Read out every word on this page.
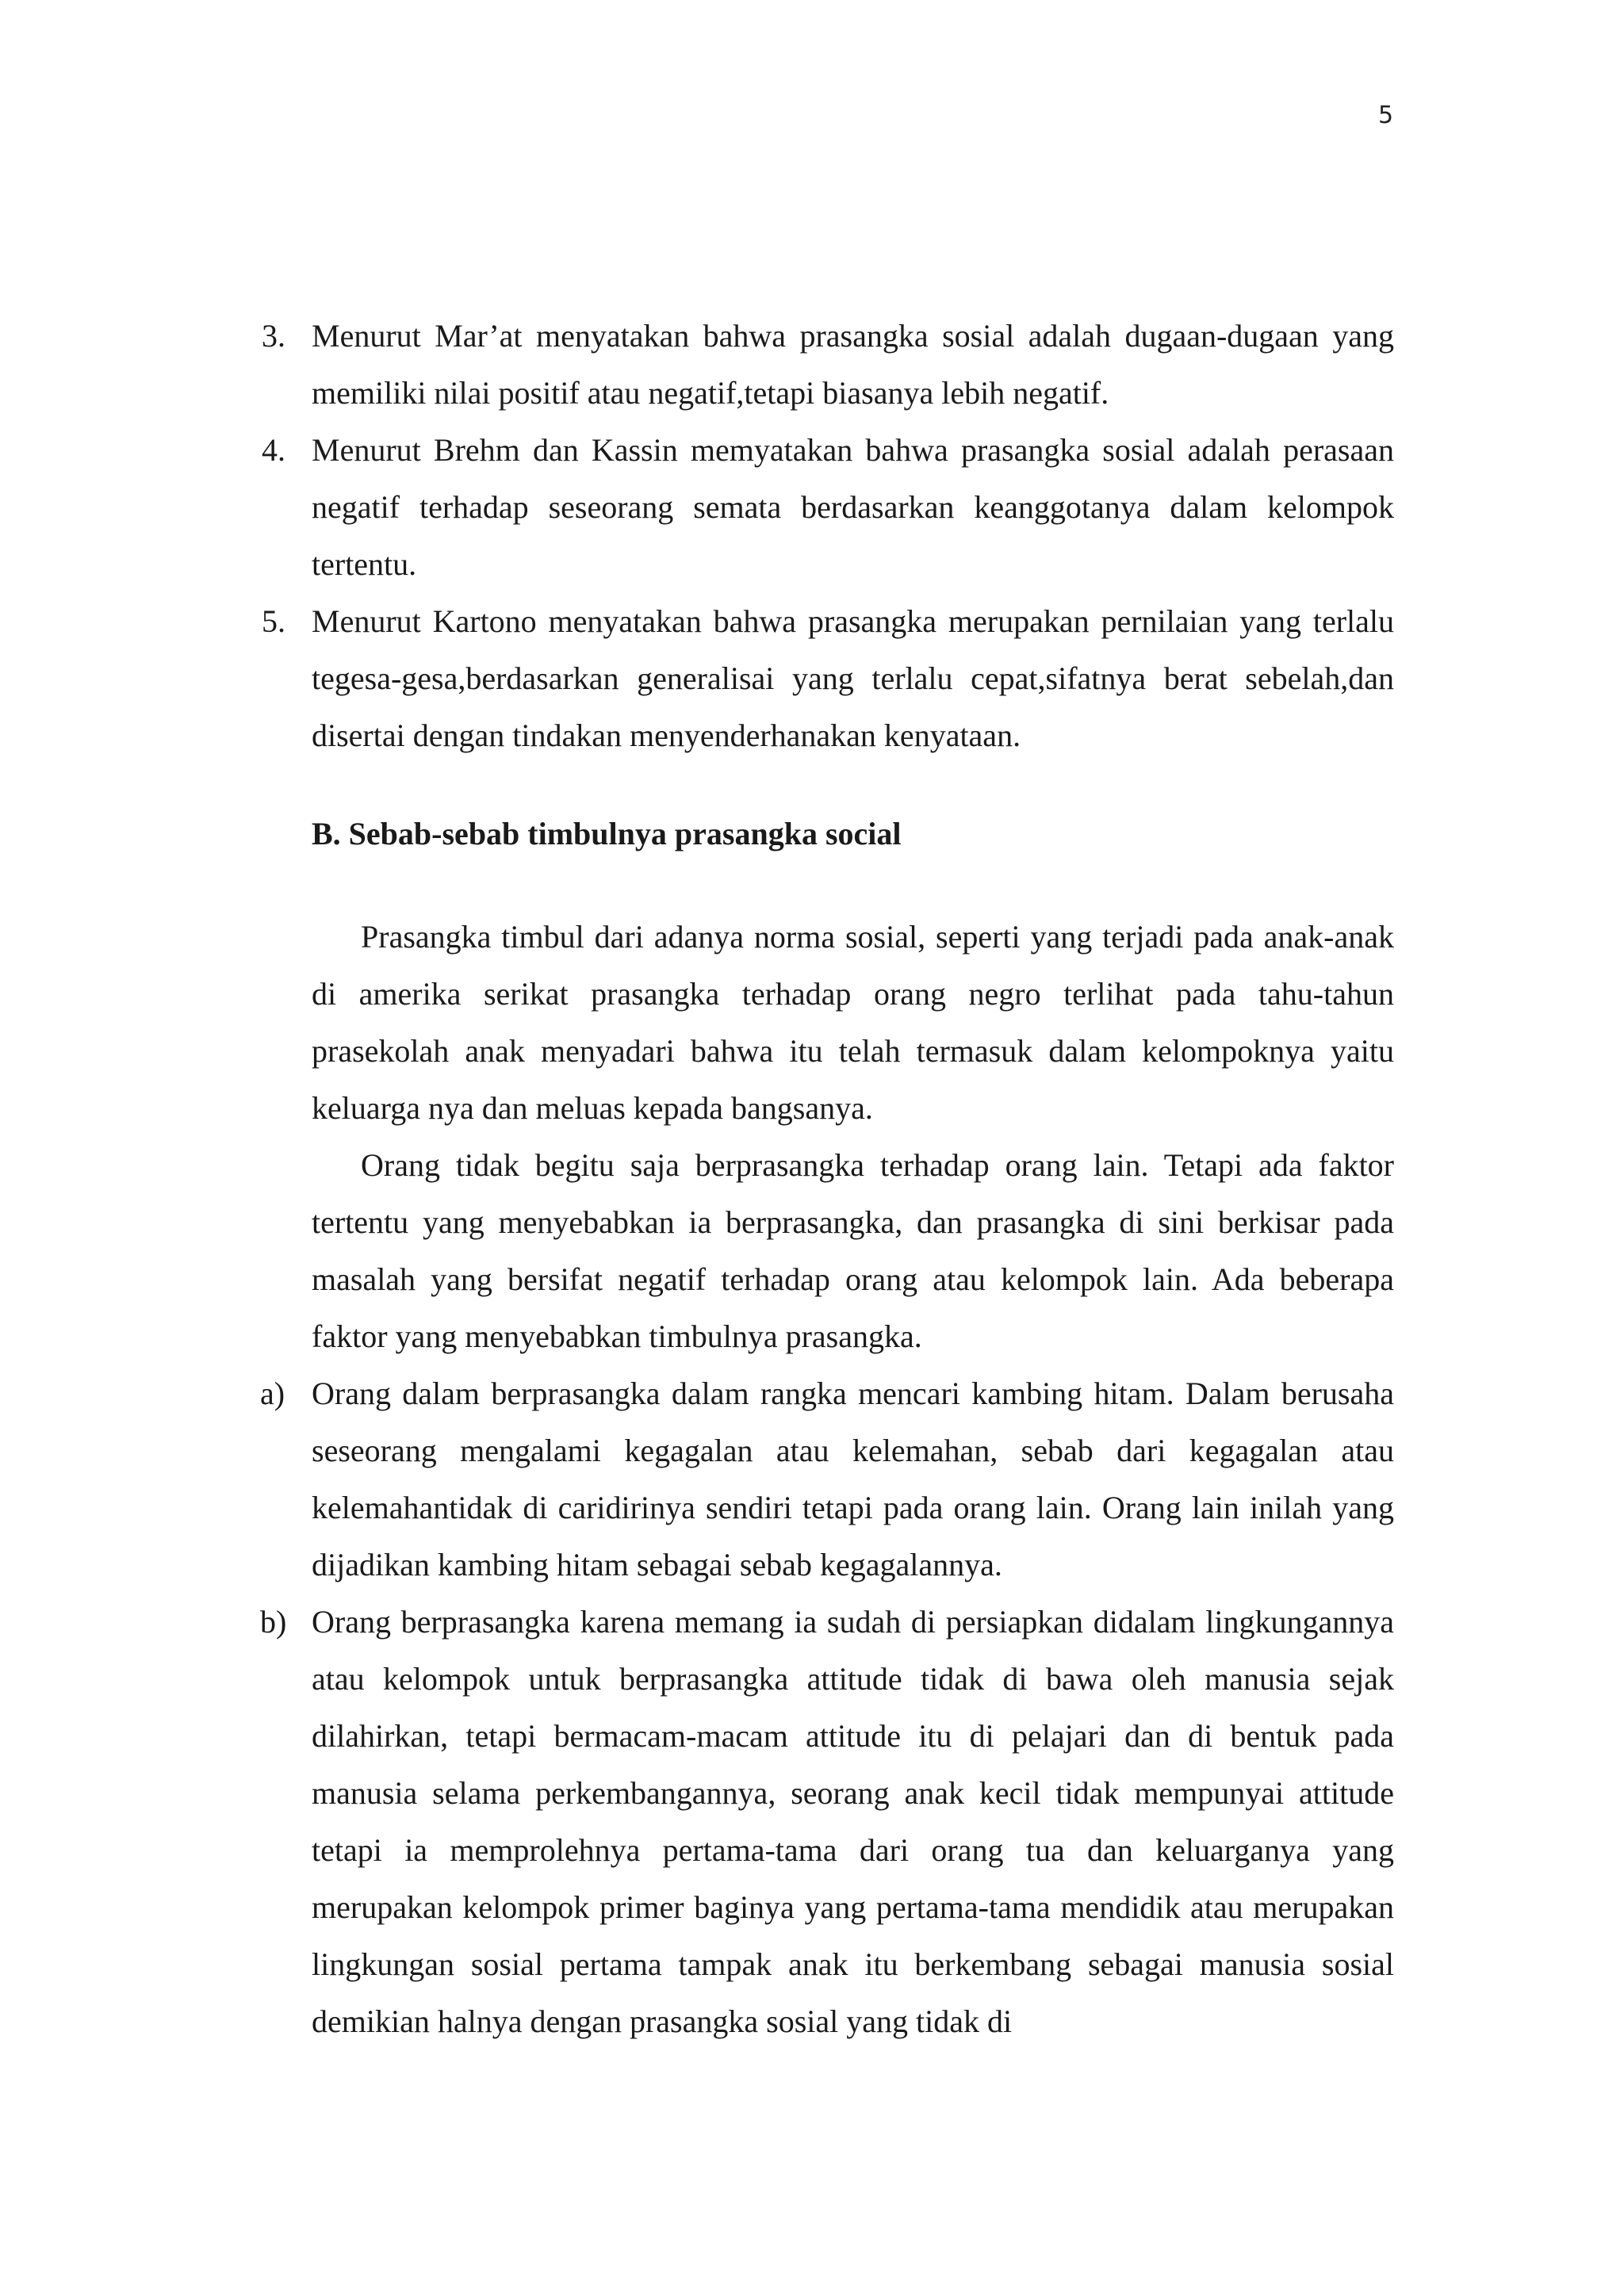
5
3. Menurut Mar’at menyatakan bahwa prasangka sosial adalah dugaan-dugaan yang memiliki nilai positif atau negatif,tetapi biasanya lebih negatif.
4. Menurut Brehm dan Kassin memyatakan bahwa prasangka sosial adalah perasaan negatif terhadap seseorang semata berdasarkan keanggotanya dalam kelompok tertentu.
5. Menurut Kartono menyatakan bahwa prasangka merupakan pernilaian yang terlalu tegesa-gesa,berdasarkan generalisai yang terlalu cepat,sifatnya berat sebelah,dan disertai dengan tindakan menyenderhanakan kenyataan.
B. Sebab-sebab timbulnya prasangka social
Prasangka timbul dari adanya norma sosial, seperti yang terjadi pada anak-anak di amerika serikat prasangka terhadap orang negro terlihat pada tahu-tahun prasekolah anak menyadari bahwa itu telah termasuk dalam kelompoknya yaitu keluarga nya dan meluas kepada bangsanya.
Orang tidak begitu saja berprasangka terhadap orang lain. Tetapi ada faktor tertentu yang menyebabkan ia berprasangka, dan prasangka di sini berkisar pada masalah yang bersifat negatif terhadap orang atau kelompok lain. Ada beberapa faktor yang menyebabkan timbulnya prasangka.
a) Orang dalam berprasangka dalam rangka mencari kambing hitam. Dalam berusaha seseorang mengalami kegagalan atau kelemahan, sebab dari kegagalan atau kelemahantidak di caridirinya sendiri tetapi pada orang lain. Orang lain inilah yang dijadikan kambing hitam sebagai sebab kegagalannya.
b) Orang berprasangka karena memang ia sudah di persiapkan didalam lingkungannya atau kelompok untuk berprasangka attitude tidak di bawa oleh manusia sejak dilahirkan, tetapi bermacam-macam attitude itu di pelajari dan di bentuk pada manusia selama perkembangannya, seorang anak kecil tidak mempunyai attitude tetapi ia memprolehnya pertama-tama dari orang tua dan keluarganya yang merupakan kelompok primer baginya yang pertama-tama mendidik atau merupakan lingkungan sosial pertama tampak anak itu berkembang sebagai manusia sosial demikian halnya dengan prasangka sosial yang tidak di
